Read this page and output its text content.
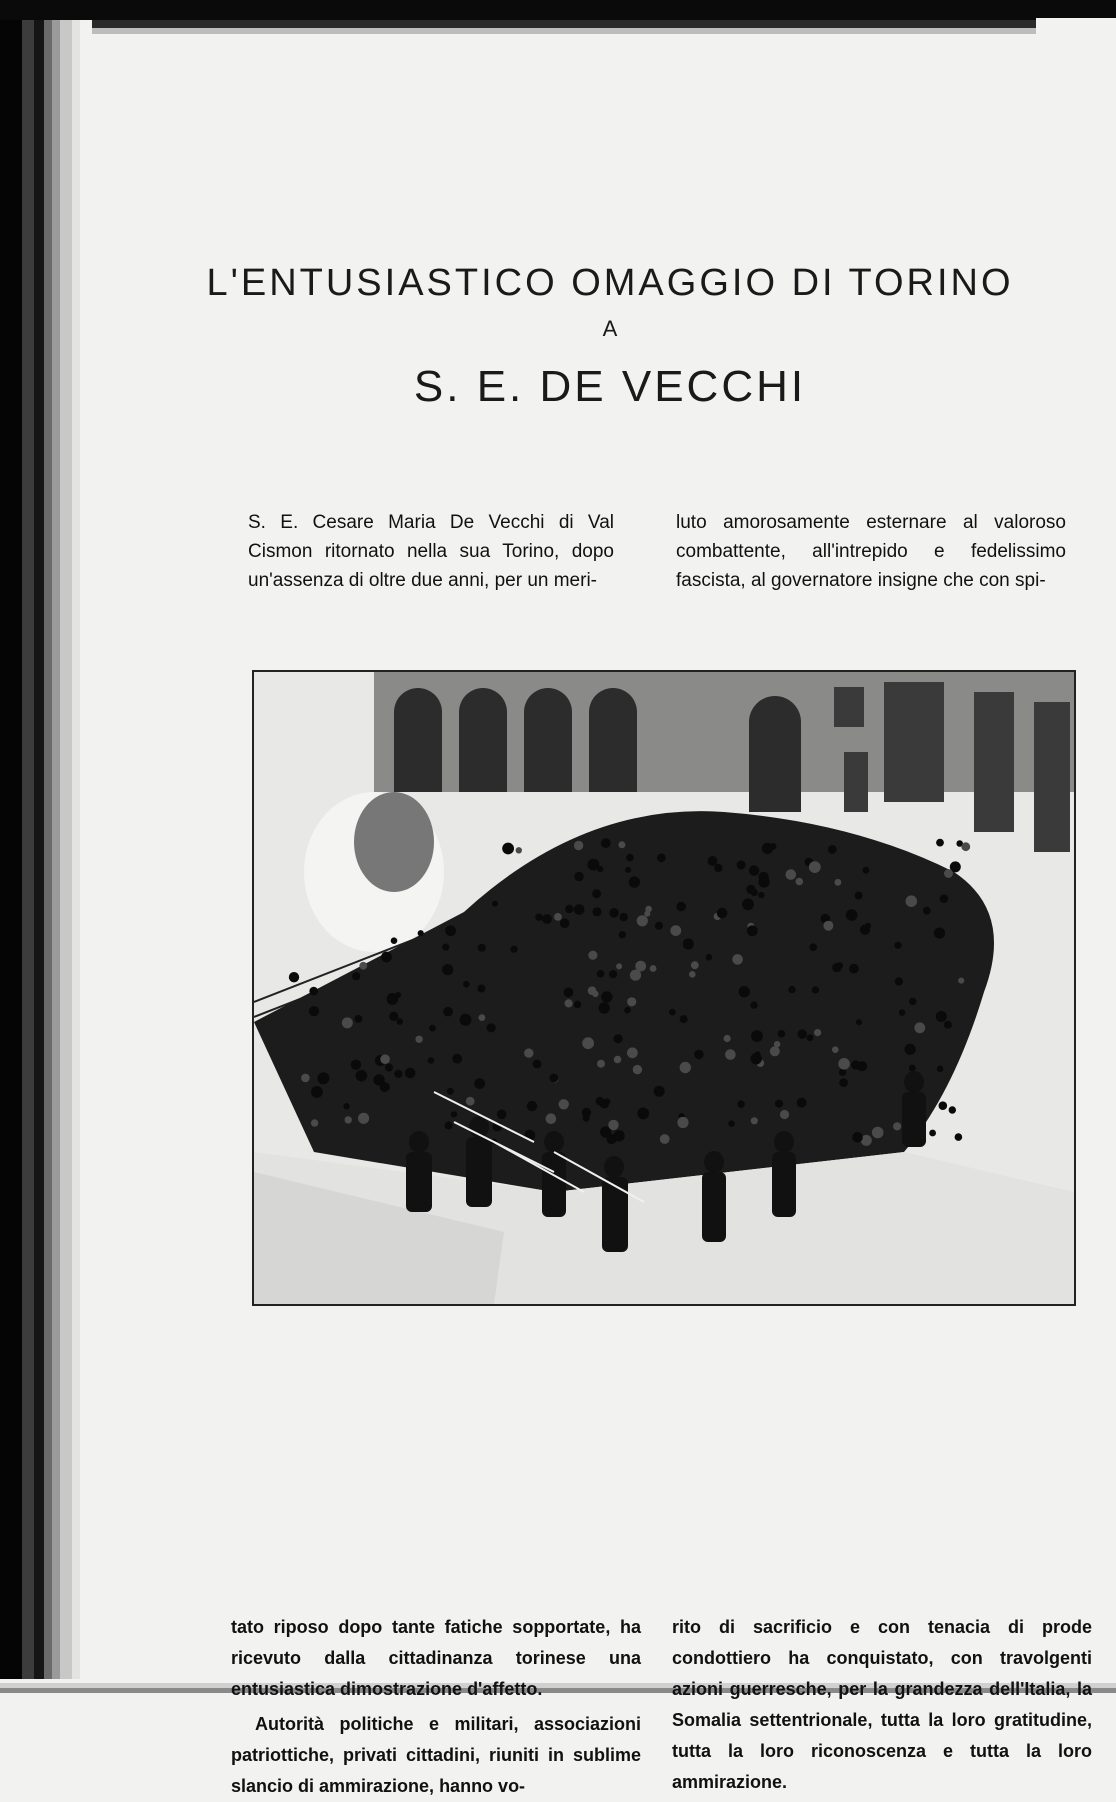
L'ENTUSIASTICO OMAGGIO DI TORINO
A
S. E. DE VECCHI

S. E. Cesare Maria De Vecchi di Val Cismon ritornato nella sua Torino, dopo un'assenza di oltre due anni, per un meri-

luto amorosamente esternare al valoroso combattente, all'intrepido e fedelissimo fascista, al governatore insigne che con spi-

tato riposo dopo tante fatiche sopportate, ha ricevuto dalla cittadinanza torinese una entusiastica dimostrazione d'affetto.

Autorità politiche e militari, associazioni patriottiche, privati cittadini, riuniti in sublime slancio di ammirazione, hanno vo-

rito di sacrificio e con tenacia di prode condottiero ha conquistato, con travolgenti azioni guerresche, per la grandezza dell'Italia, la Somalia settentrionale, tutta la loro gratitudine, tutta la loro riconoscenza e tutta la loro ammirazione.
